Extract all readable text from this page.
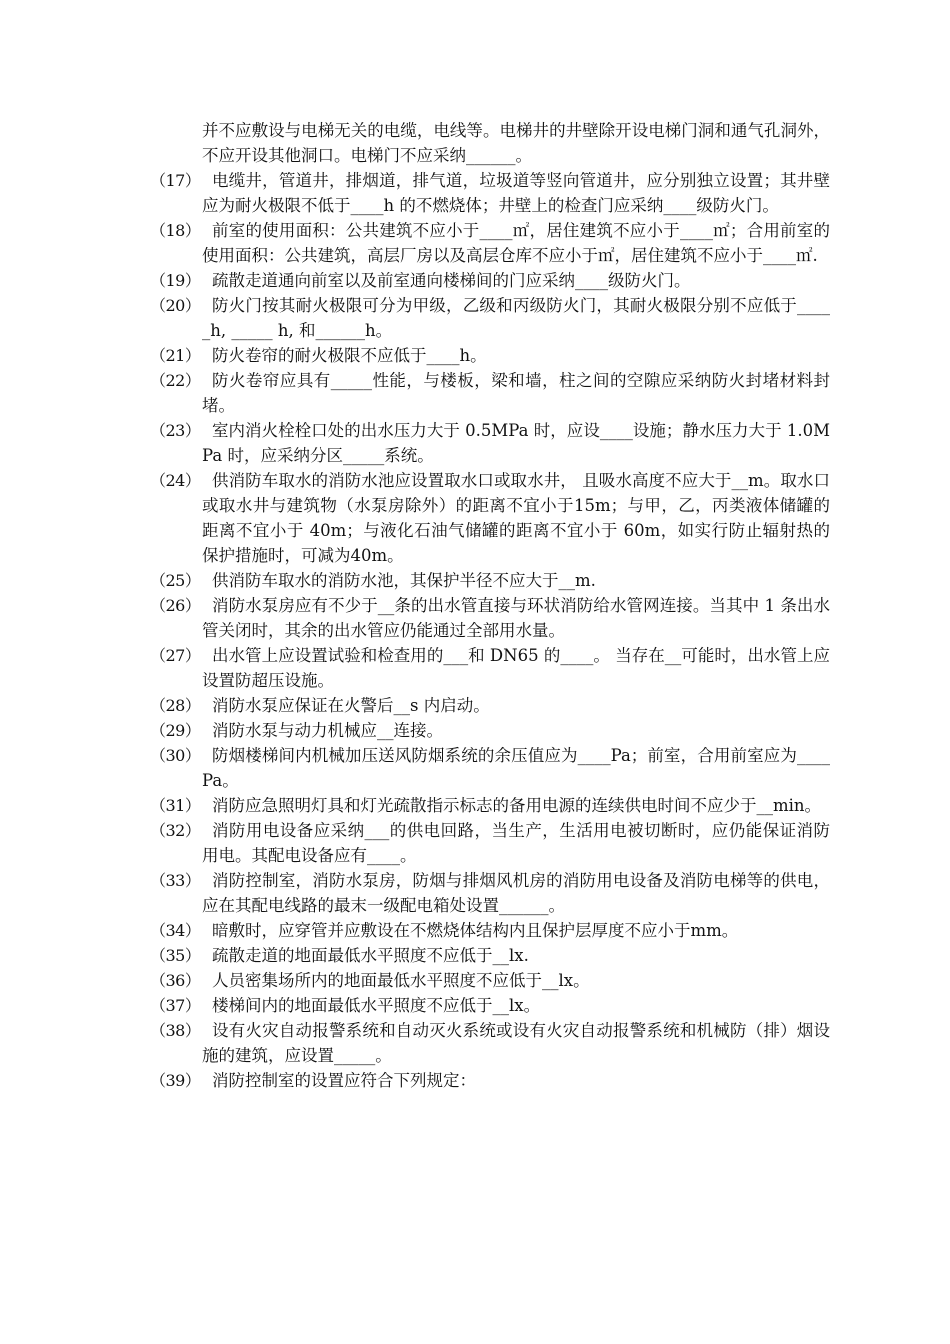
并不应敷设与电梯无关的电缆，电线等。电梯井的井壁除开设电梯门洞和通气孔洞外，不应开设其他洞口。电梯门不应采纳______。
（17） 电缆井，管道井，排烟道，排气道，垃圾道等竖向管道井，应分别独立设置；其井壁应为耐火极限不低于____h 的不燃烧体；井壁上的检查门应采纳____级防火门。
（18） 前室的使用面积：公共建筑不应小于____㎡，居住建筑不应小于____㎡；合用前室的使用面积：公共建筑，高层厂房以及高层仓库不应小于㎡，居住建筑不应小于____㎡.
（19） 疏散走道通向前室以及前室通向楼梯间的门应采纳____级防火门。
（20） 防火门按其耐火极限可分为甲级，乙级和丙级防火门，其耐火极限分别不应低于_____h, _____ h, 和______h。
（21） 防火卷帘的耐火极限不应低于____h。
（22） 防火卷帘应具有_____性能，与楼板，梁和墙，柱之间的空隙应采纳防火封堵材料封堵。
（23） 室内消火栓栓口处的出水压力大于 0.5MPa 时，应设____设施；静水压力大于 1.0MPa 时，应采纳分区_____系统。
（24） 供消防车取水的消防水池应设置取水口或取水井， 且吸水高度不应大于__m。取水口或取水井与建筑物（水泵房除外）的距离不宜小于15m；与甲，乙，丙类液体储罐的距离不宜小于 40m；与液化石油气储罐的距离不宜小于 60m，如实行防止辐射热的保护措施时，可减为40m。
（25） 供消防车取水的消防水池，其保护半径不应大于__m.
（26） 消防水泵房应有不少于__条的出水管直接与环状消防给水管网连接。当其中 1 条出水管关闭时，其余的出水管应仍能通过全部用水量。
（27） 出水管上应设置试验和检查用的___和 DN65 的____。 当存在__可能时，出水管上应设置防超压设施。
（28） 消防水泵应保证在火警后__s 内启动。
（29） 消防水泵与动力机械应__连接。
（30） 防烟楼梯间内机械加压送风防烟系统的余压值应为____Pa；前室，合用前室应为____Pa。
（31） 消防应急照明灯具和灯光疏散指示标志的备用电源的连续供电时间不应少于__min。
（32） 消防用电设备应采纳___的供电回路，当生产，生活用电被切断时，应仍能保证消防用电。其配电设备应有____。
（33） 消防控制室，消防水泵房，防烟与排烟风机房的消防用电设备及消防电梯等的供电，应在其配电线路的最末一级配电箱处设置______。
（34） 暗敷时，应穿管并应敷设在不燃烧体结构内且保护层厚度不应小于mm。
（35） 疏散走道的地面最低水平照度不应低于__lx.
（36） 人员密集场所内的地面最低水平照度不应低于__lx。
（37） 楼梯间内的地面最低水平照度不应低于__lx。
（38） 设有火灾自动报警系统和自动灭火系统或设有火灾自动报警系统和机械防（排）烟设施的建筑，应设置_____。
（39） 消防控制室的设置应符合下列规定：
